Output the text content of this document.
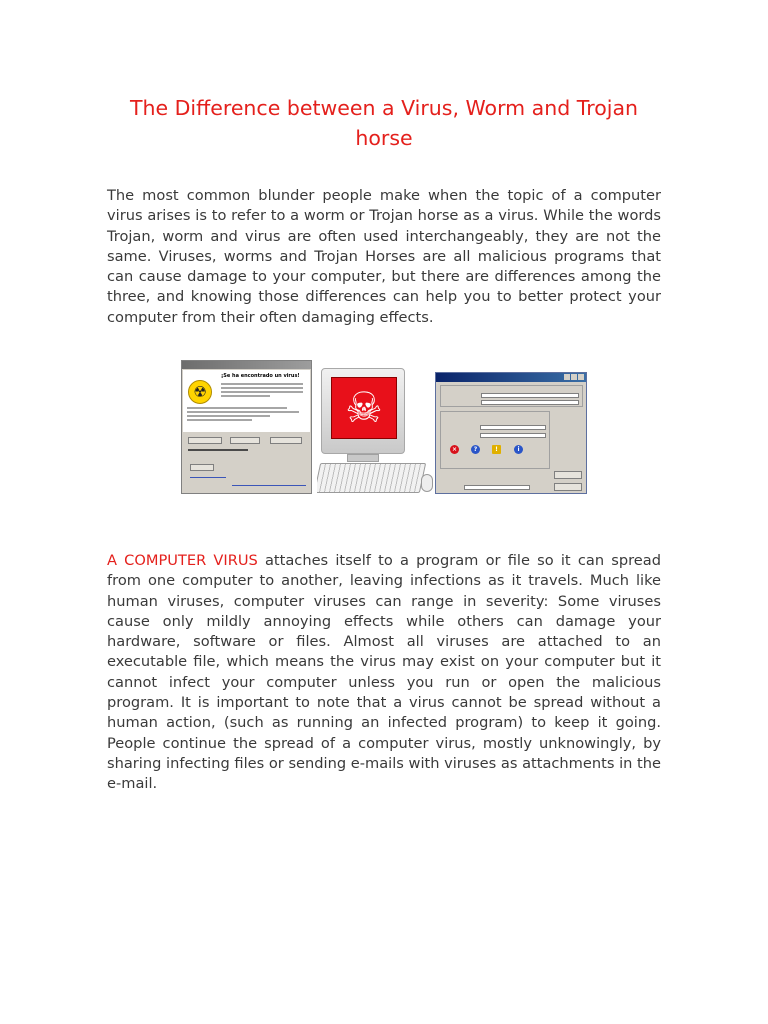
The Difference between a Virus, Worm and Trojan horse

The most common blunder people make when the topic of a computer virus arises is to refer to a worm or Trojan horse as a virus. While the words Trojan, worm and virus are often used interchangeably, they are not the same. Viruses, worms and Trojan Horses are all malicious programs that can cause damage to your computer, but there are differences among the three, and knowing those differences can help you to better protect your computer from their often damaging effects.

¡Se ha encontrado un virus!
☢	☠
×	?	!	i

A COMPUTER VIRUS attaches itself to a program or file so it can spread from one computer to another, leaving infections as it travels. Much like human viruses, computer viruses can range in severity: Some viruses cause only mildly annoying effects while others can damage your hardware, software or files. Almost all viruses are attached to an executable file, which means the virus may exist on your computer but it cannot infect your computer unless you run or open the malicious program. It is important to note that a virus cannot be spread without a human action, (such as running an infected program) to keep it going. People continue the spread of a computer virus, mostly unknowingly, by sharing infecting files or sending e-mails with viruses as attachments in the e-mail.
